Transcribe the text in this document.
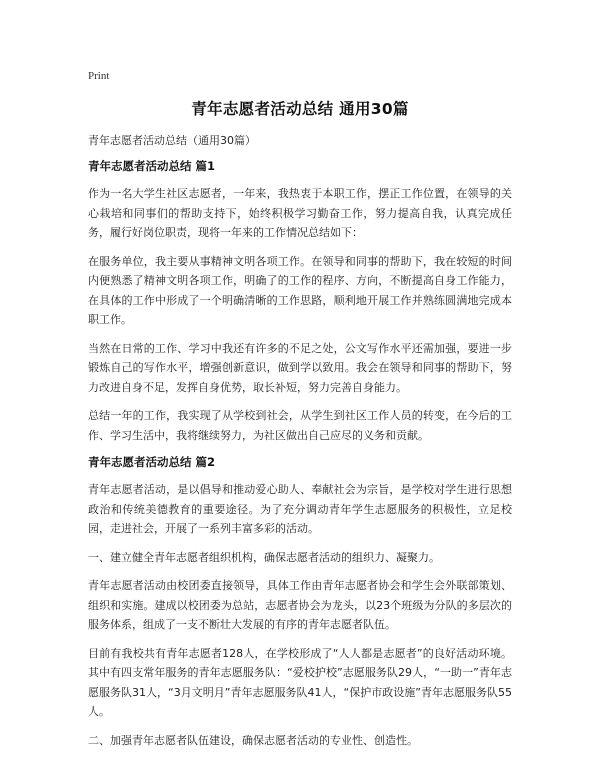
Print
青年志愿者活动总结 通用30篇
青年志愿者活动总结（通用30篇）
青年志愿者活动总结 篇1

作为一名大学生社区志愿者，一年来，我热衷于本职工作，摆正工作位置，在领导的关心栽培和同事们的帮助支持下，始终积极学习勤奋工作，努力提高自我，认真完成任务，履行好岗位职责，现将一年来的工作情况总结如下：

在服务单位，我主要从事精神文明各项工作。在领导和同事的帮助下，我在较短的时间内便熟悉了精神文明各项工作，明确了的工作的程序、方向，不断提高自身工作能力，在具体的工作中形成了一个明确清晰的工作思路，顺利地开展工作并熟练圆满地完成本职工作。

当然在日常的工作、学习中我还有许多的不足之处，公文写作水平还需加强，要进一步锻炼自己的写作水平，增强创新意识，做到学以致用。我会在领导和同事的帮助下，努力改进自身不足，发挥自身优势，取长补短，努力完善自身能力。

总结一年的工作，我实现了从学校到社会，从学生到社区工作人员的转变，在今后的工作、学习生活中，我将继续努力，为社区做出自己应尽的义务和贡献。

青年志愿者活动总结 篇2

青年志愿者活动，是以倡导和推动爱心助人、奉献社会为宗旨，是学校对学生进行思想政治和传统美德教育的重要途径。为了充分调动青年学生志愿服务的积极性，立足校园，走进社会，开展了一系列丰富多彩的活动。

一、建立健全青年志愿者组织机构，确保志愿者活动的组织力、凝聚力。

青年志愿者活动由校团委直接领导，具体工作由青年志愿者协会和学生会外联部策划、组织和实施。建成以校团委为总站，志愿者协会为龙头，以23个班级为分队的多层次的服务体系，组成了一支不断壮大发展的有序的青年志愿者队伍。

目前有我校共有青年志愿者128人，在学校形成了“人人都是志愿者”的良好活动环境。其中有四支常年服务的青年志愿服务队：“爱校护校”志愿服务队29人，“一助一”青年志愿服务队31人，“3月文明月”青年志愿服务队41人，“保护市政设施”青年志愿服务队55人。

二、加强青年志愿者队伍建设，确保志愿者活动的专业性、创造性。
